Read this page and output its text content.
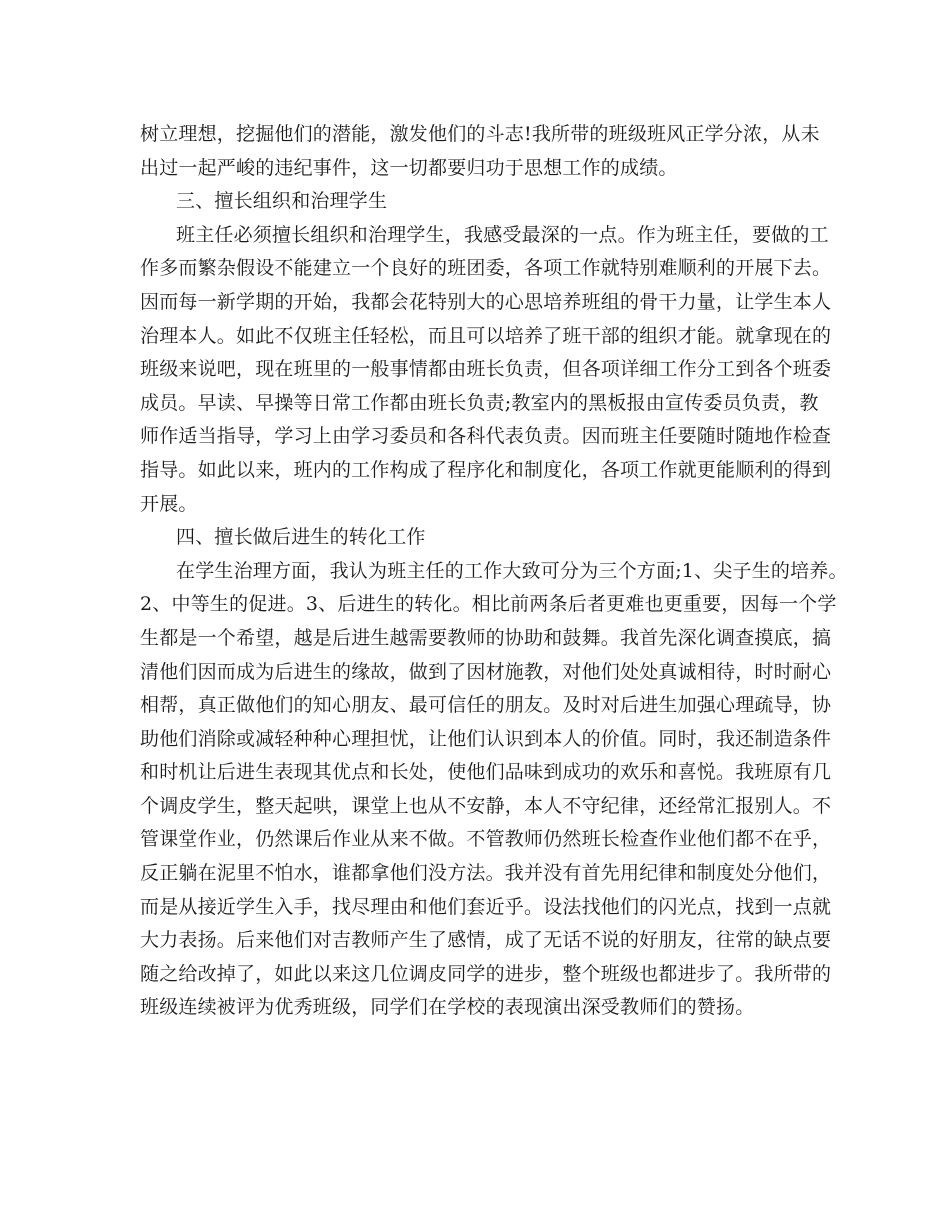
树立理想，挖掘他们的潜能，激发他们的斗志!我所带的班级班风正学分浓，从未
出过一起严峻的违纪事件，这一切都要归功于思想工作的成绩。
三、擅长组织和治理学生
班主任必须擅长组织和治理学生，我感受最深的一点。作为班主任，要做的工
作多而繁杂假设不能建立一个良好的班团委，各项工作就特别难顺利的开展下去。
因而每一新学期的开始，我都会花特别大的心思培养班组的骨干力量，让学生本人
治理本人。如此不仅班主任轻松，而且可以培养了班干部的组织才能。就拿现在的
班级来说吧，现在班里的一般事情都由班长负责，但各项详细工作分工到各个班委
成员。早读、早操等日常工作都由班长负责;教室内的黑板报由宣传委员负责，教
师作适当指导，学习上由学习委员和各科代表负责。因而班主任要随时随地作检查
指导。如此以来，班内的工作构成了程序化和制度化，各项工作就更能顺利的得到
开展。
四、擅长做后进生的转化工作
在学生治理方面，我认为班主任的工作大致可分为三个方面;1、尖子生的培养。
2、中等生的促进。3、后进生的转化。相比前两条后者更难也更重要，因每一个学
生都是一个希望，越是后进生越需要教师的协助和鼓舞。我首先深化调查摸底，搞
清他们因而成为后进生的缘故，做到了因材施教，对他们处处真诚相待，时时耐心
相帮，真正做他们的知心朋友、最可信任的朋友。及时对后进生加强心理疏导，协
助他们消除或减轻种种心理担忧，让他们认识到本人的价值。同时，我还制造条件
和时机让后进生表现其优点和长处，使他们品味到成功的欢乐和喜悦。我班原有几
个调皮学生，整天起哄，课堂上也从不安静，本人不守纪律，还经常汇报别人。不
管课堂作业，仍然课后作业从来不做。不管教师仍然班长检查作业他们都不在乎，
反正躺在泥里不怕水，谁都拿他们没方法。我并没有首先用纪律和制度处分他们，
而是从接近学生入手，找尽理由和他们套近乎。设法找他们的闪光点，找到一点就
大力表扬。后来他们对吉教师产生了感情，成了无话不说的好朋友，往常的缺点要
随之给改掉了，如此以来这几位调皮同学的进步，整个班级也都进步了。我所带的
班级连续被评为优秀班级，同学们在学校的表现演出深受教师们的赞扬。
